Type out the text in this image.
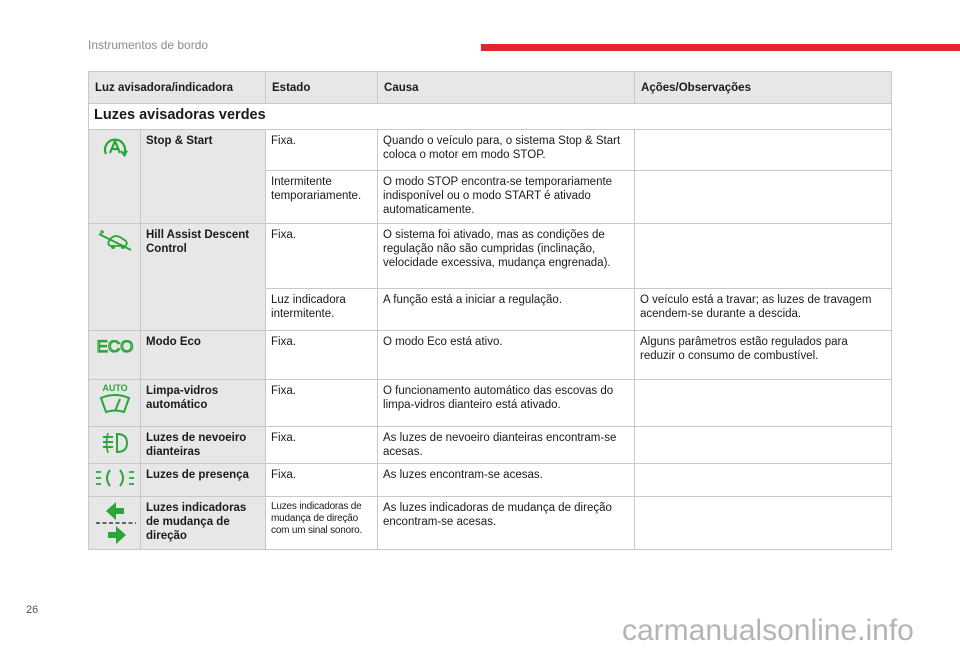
Instrumentos de bordo
Luz avisadora/indicadora		Estado	Causa	Ações/Observações
Luzes avisadoras verdes				

	Stop & Start	Fixa.	Quando o veículo para, o sistema Stop & Start coloca o motor em modo STOP.	
		Intermitente temporariamente.	O modo STOP encontra-se temporariamente indisponível ou o modo START é ativado automaticamente.	

	Hill Assist Descent Control	Fixa.	O sistema foi ativado, mas as condições de regulação não são cumpridas (inclinação, velocidade excessiva, mudança engrenada).	
		Luz indicadora intermitente.	A função está a iniciar a regulação.	O veículo está a travar; as luzes de travagem acendem-se durante a descida.

ECO	Modo Eco	Fixa.	O modo Eco está ativo.	Alguns parâmetros estão regulados para reduzir o consumo de combustível.

AUTO	Limpa-vidros automático	Fixa.	O funcionamento automático das escovas do limpa-vidros dianteiro está ativado.	

	Luzes de nevoeiro dianteiras	Fixa.	As luzes de nevoeiro dianteiras encontram-se acesas.	

	Luzes de presença	Fixa.	As luzes encontram-se acesas.	

	Luzes indicadoras de mudança de direção	Luzes indicadoras de mudança de direção com um sinal sonoro.	As luzes indicadoras de mudança de direção encontram-se acesas.	
26
carmanualsonline.info
